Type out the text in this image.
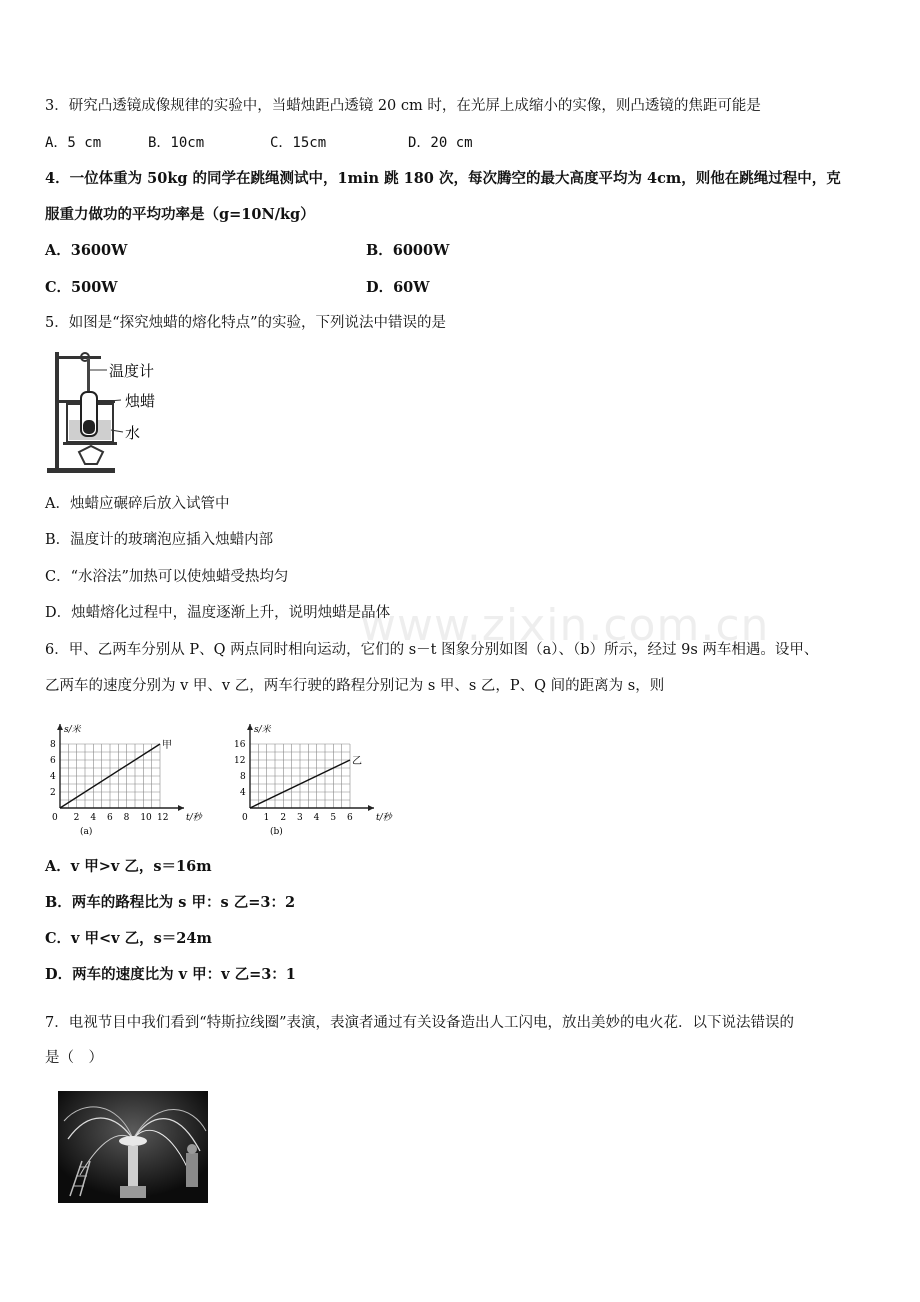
www.zixin.com.cn
3．研究凸透镜成像规律的实验中，当蜡烛距凸透镜 20 cm 时，在光屏上成缩小的实像，则凸透镜的焦距可能是
A．5 cm	B．10cm	C．15cm	D．20 cm
4．一位体重为 50kg 的同学在跳绳测试中，1min 跳 180 次，每次腾空的最大高度平均为 4cm，则他在跳绳过程中，克
服重力做功的平均功率是（g=10N/kg）
A．3600W	B．6000W
C．500W	D．60W
5．如图是“探究烛蜡的熔化特点”的实验，下列说法中错误的是
温度计
烛蜡
水
A．烛蜡应碾碎后放入试管中
B．温度计的玻璃泡应插入烛蜡内部
C．“水浴法”加热可以使烛蜡受热均匀
D．烛蜡熔化过程中，温度逐渐上升，说明烛蜡是晶体
6．甲、乙两车分别从 P、Q 两点同时相向运动，它们的 s－t 图象分别如图（a）、（b）所示，经过 9s 两车相遇。设甲、
乙两车的速度分别为 v 甲、v 乙，两车行驶的路程分别记为 s 甲、s 乙，P、Q 间的距离为 s，则
0 2 4 6 8 10 12
2
4
6
8
s/米
t/秒
(a)
甲
0 1 2 3 4 5 6
4
8
12
16
s/米
t/秒
(b)
乙
A．v 甲>v 乙，s＝16m
B．两车的路程比为 s 甲：s 乙=3：2
C．v 甲<v 乙，s＝24m
D．两车的速度比为 v 甲：v 乙=3：1
7．电视节目中我们看到“特斯拉线圈”表演，表演者通过有关设备造出人工闪电，放出美妙的电火花．以下说法错误的
是（　）
